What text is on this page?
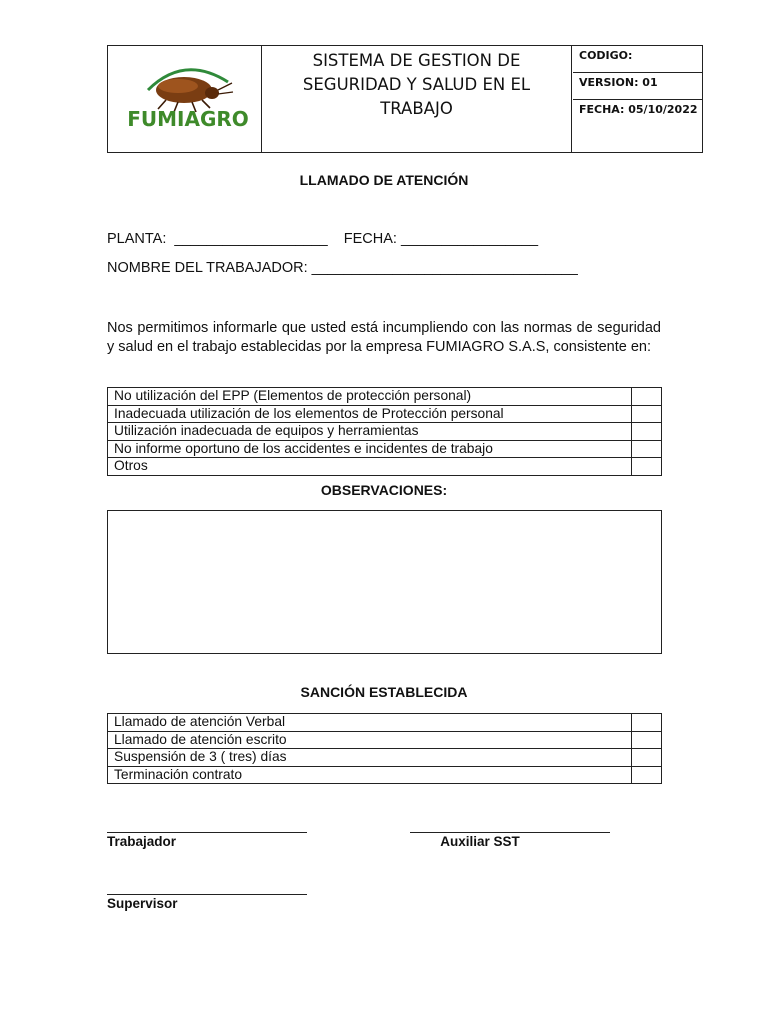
FUMIAGRO
SISTEMA DE GESTION DE
SEGURIDAD Y SALUD EN EL
TRABAJO
CODIGO:
VERSION: 01
FECHA: 05/10/2022
LLAMADO DE ATENCIÓN
PLANTA:  ___________________    FECHA: _________________
NOMBRE DEL TRABAJADOR: _________________________________
Nos permitimos informarle que usted está incumpliendo con las normas de seguridad y salud en el trabajo establecidas por la empresa FUMIAGRO S.A.S, consistente en:
No utilización del EPP (Elementos de protección personal)	
Inadecuada utilización de los elementos de Protección personal	
Utilización inadecuada de equipos y herramientas	
No informe oportuno de los accidentes e incidentes de trabajo	
Otros	
OBSERVACIONES:
SANCIÓN ESTABLECIDA
Llamado de atención Verbal	
Llamado de atención escrito	
Suspensión de 3 ( tres) días	
Terminación contrato	
Trabajador	Auxiliar SST
Supervisor
